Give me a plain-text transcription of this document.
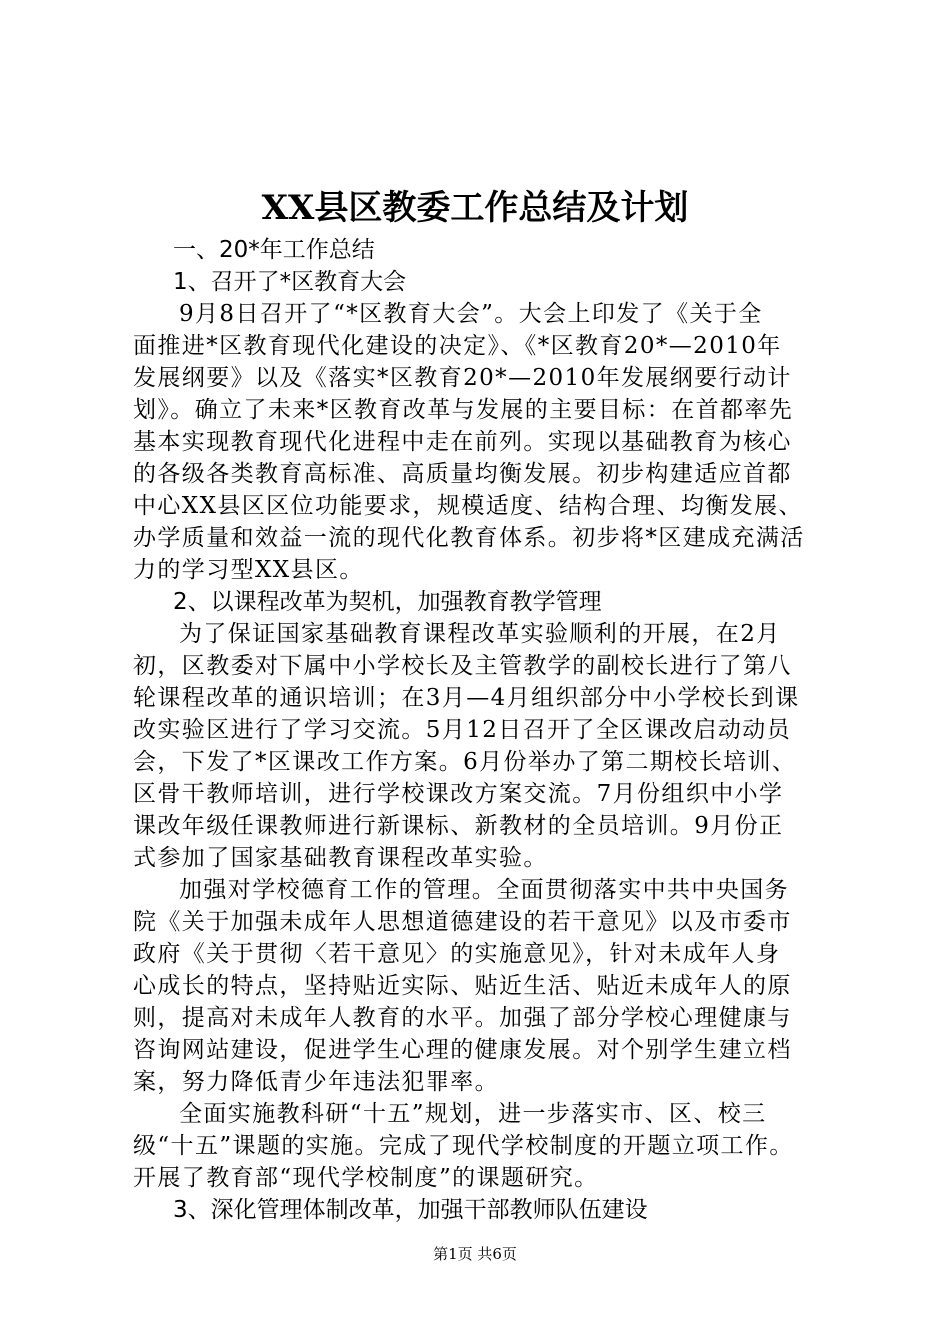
XX县区教委工作总结及计划

一、20*年工作总结

1、召开了*区教育大会

9月8日召开了“*区教育大会”。大会上印发了《关于全

面推进*区教育现代化建设的决定》、《*区教育20*—2010年

发展纲要》以及《落实*区教育20*—2010年发展纲要行动计

划》。确立了未来*区教育改革与发展的主要目标：在首都率先

基本实现教育现代化进程中走在前列。实现以基础教育为核心

的各级各类教育高标准、高质量均衡发展。初步构建适应首都

中心XX县区区位功能要求，规模适度、结构合理、均衡发展、

办学质量和效益一流的现代化教育体系。初步将*区建成充满活

力的学习型XX县区。

2、以课程改革为契机，加强教育教学管理

为了保证国家基础教育课程改革实验顺利的开展，在2月

初，区教委对下属中小学校长及主管教学的副校长进行了第八

轮课程改革的通识培训；在3月—4月组织部分中小学校长到课

改实验区进行了学习交流。5月12日召开了全区课改启动动员

会，下发了*区课改工作方案。6月份举办了第二期校长培训、

区骨干教师培训，进行学校课改方案交流。7月份组织中小学

课改年级任课教师进行新课标、新教材的全员培训。9月份正

式参加了国家基础教育课程改革实验。

加强对学校德育工作的管理。全面贯彻落实中共中央国务

院《关于加强未成年人思想道德建设的若干意见》以及市委市

政府《关于贯彻〈若干意见〉的实施意见》，针对未成年人身

心成长的特点，坚持贴近实际、贴近生活、贴近未成年人的原

则，提高对未成年人教育的水平。加强了部分学校心理健康与

咨询网站建设，促进学生心理的健康发展。对个别学生建立档

案，努力降低青少年违法犯罪率。

全面实施教科研“十五”规划，进一步落实市、区、校三

级“十五”课题的实施。完成了现代学校制度的开题立项工作。

开展了教育部“现代学校制度”的课题研究。

3、深化管理体制改革，加强干部教师队伍建设

第1页 共6页
